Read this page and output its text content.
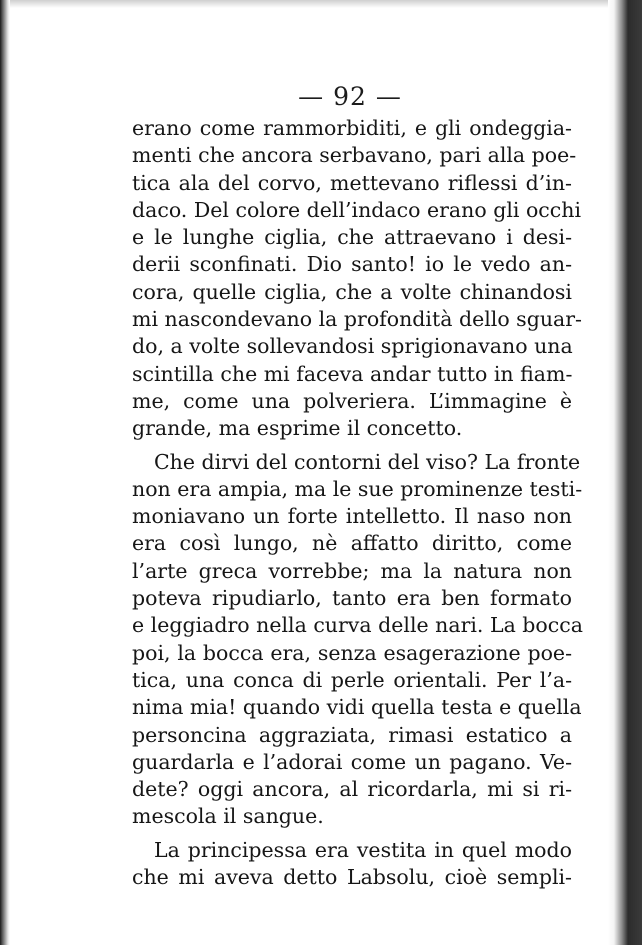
— 92 —
erano come rammorbiditi, e gli ondeggia-
menti che ancora serbavano, pari alla poe-
tica ala del corvo, mettevano riflessi d’in-
daco. Del colore dell’indaco erano gli occhi
e le lunghe ciglia, che attraevano i desi-
derii sconfinati. Dio santo! io le vedo an-
cora, quelle ciglia, che a volte chinandosi
mi nascondevano la profondità dello sguar-
do, a volte sollevandosi sprigionavano una
scintilla che mi faceva andar tutto in fiam-
me, come una polveriera. L’immagine è
grande, ma esprime il concetto.
Che dirvi del contorni del viso? La fronte
non era ampia, ma le sue prominenze testi-
moniavano un forte intelletto. Il naso non
era così lungo, nè affatto diritto, come
l’arte greca vorrebbe; ma la natura non
poteva ripudiarlo, tanto era ben formato
e leggiadro nella curva delle nari. La bocca
poi, la bocca era, senza esagerazione poe-
tica, una conca di perle orientali. Per l’a-
nima mia! quando vidi quella testa e quella
personcina aggraziata, rimasi estatico a
guardarla e l’adorai come un pagano. Ve-
dete? oggi ancora, al ricordarla, mi si ri-
mescola il sangue.
La principessa era vestita in quel modo
che mi aveva detto Labsolu, cioè sempli-
